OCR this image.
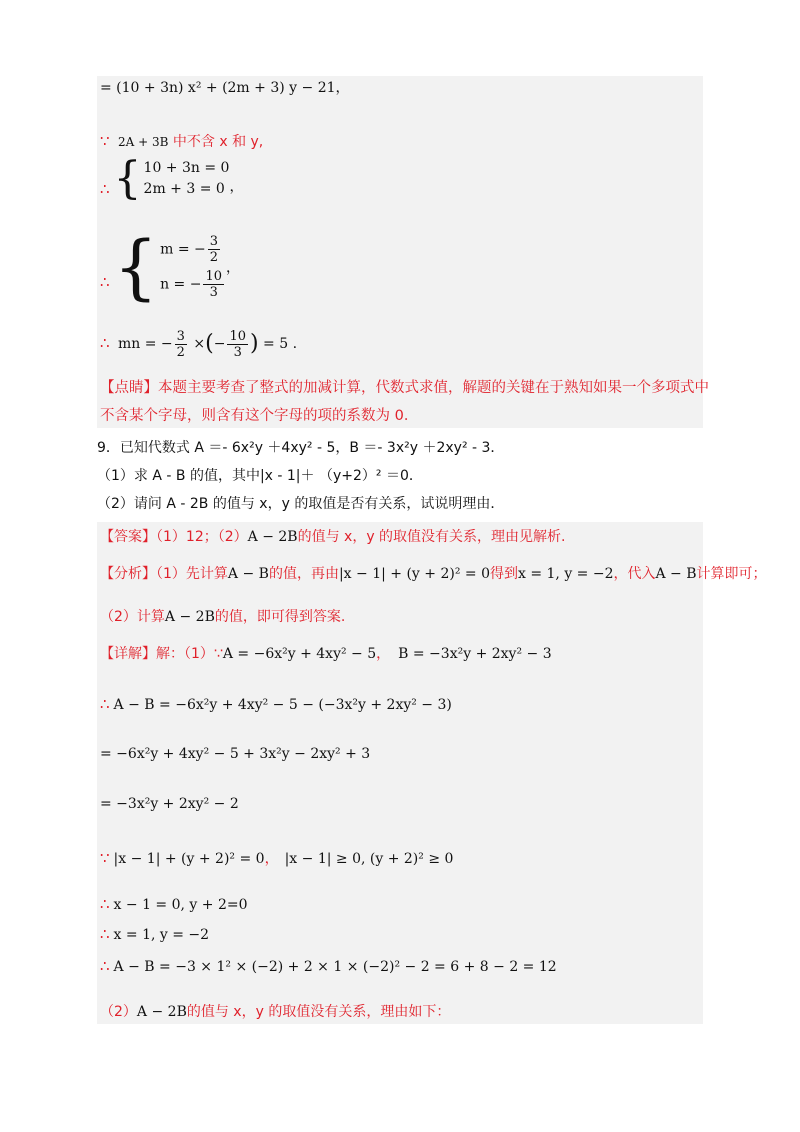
= (10 + 3n) x² + (2m + 3) y − 21，
∵ 2A + 3B 中不含 x 和 y,
∴ { 10 + 3n = 0
2m + 3 = 0 ，
∴ { m = − $\frac{3}{2}$
n = − $\frac{10}{3}$
，
∴ mn = − $\frac{3}{2}$ ×(− $\frac{10}{3}$ ) = 5 .
【点睛】本题主要考查了整式的加减计算，代数式求值，解题的关键在于熟知如果一个多项式中
不含某个字母，则含有这个字母的项的系数为 0．
9．已知代数式 A ＝- 6x²y ＋4xy² - 5，B ＝- 3x²y ＋2xy² - 3．
（1）求 A - B 的值，其中|x - 1|＋ （y+2）² ＝0．
（2）请问 A - 2B 的值与 x，y 的取值是否有关系，试说明理由．
【答案】（1）12；（2）A − 2B的值与 x，y 的取值没有关系，理由见解析.
【分析】（1）先计算A − B的值，再由|x − 1| + (y + 2)² = 0得到x = 1, y = −2，代入A − B计算即可；
（2）计算A − 2B的值，即可得到答案.
【详解】解：（1）∵A = −6x²y + 4xy² − 5， B = −3x²y + 2xy² − 3
∴ A − B = −6x²y + 4xy² − 5 − (−3x²y + 2xy² − 3)
= −6x²y + 4xy² − 5 + 3x²y − 2xy² + 3
= −3x²y + 2xy² − 2
∵ |x − 1| + (y + 2)² = 0， |x − 1| ≥ 0, (y + 2)² ≥ 0
∴ x − 1 = 0, y + 2=0
∴ x = 1, y = −2
∴ A − B = −3 × 1² × (−2) + 2 × 1 × (−2)² − 2 = 6 + 8 − 2 = 12
（2）A − 2B的值与 x，y 的取值没有关系，理由如下：
